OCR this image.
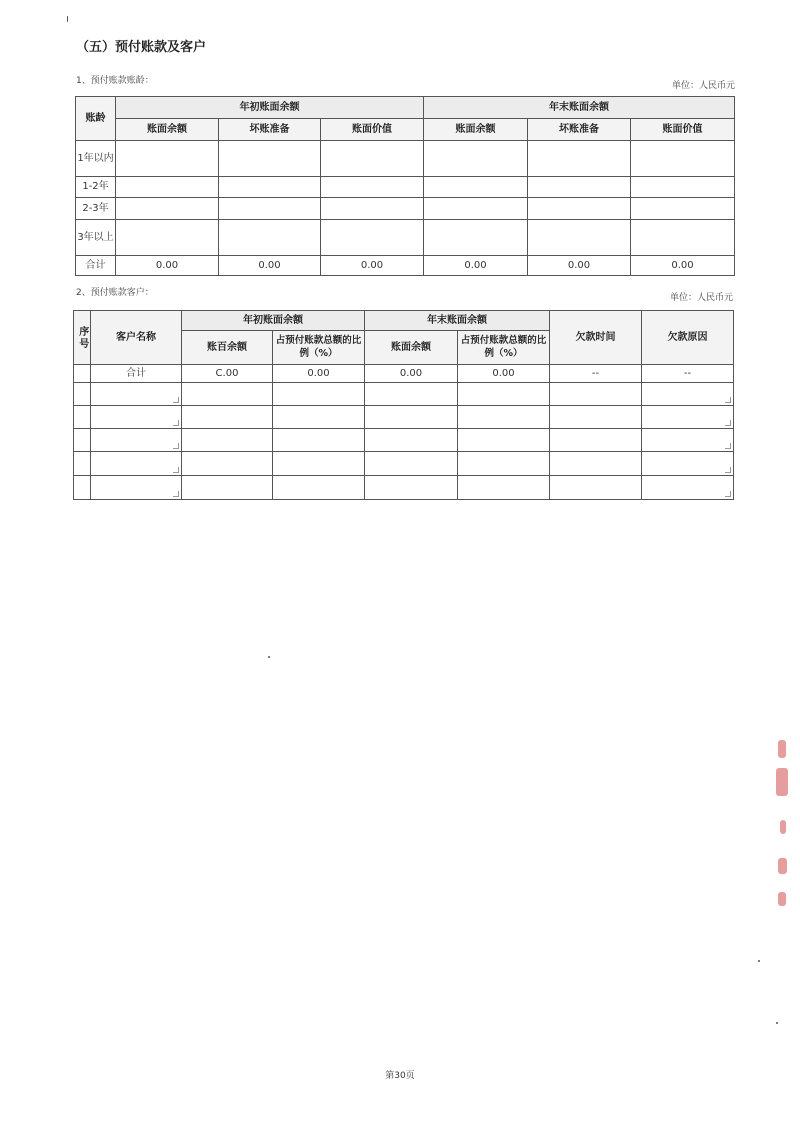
（五）预付账款及客户
1、预付账款账龄：	单位：人民币元
账龄	年初账面余额			年末账面余额		
	账面余额	坏账准备	账面价值	账面余额	坏账准备	账面价值
1年以内						
1-2年						
2-3年						
3年以上						
合计	0.00	0.00	0.00	0.00	0.00	0.00
2、预付账款客户：	单位：人民币元
序号	客户名称	年初账面余额		年末账面余额		欠款时间	欠款原因
		账百余额	占预付账款总额的比例（%）	账面余额	占预付账款总额的比例（%）		
	合计	C.00	0.00	0.00	0.00	--	--

第30页
